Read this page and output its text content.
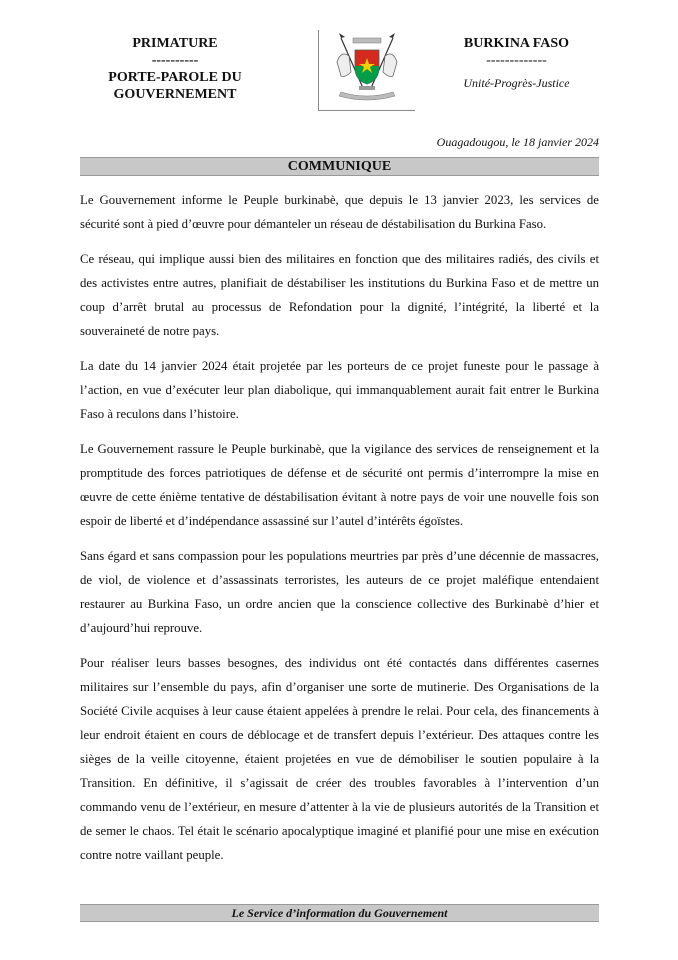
PRIMATURE
----------
PORTE-PAROLE DU
GOUVERNEMENT
BURKINA FASO
-------------
Unité-Progrès-Justice
Ouagadougou, le 18 janvier 2024
COMMUNIQUE

Le Gouvernement informe le Peuple burkinabè, que depuis le 13 janvier 2023, les services de sécurité sont à pied d’œuvre pour démanteler un réseau de déstabilisation du Burkina Faso.

Ce réseau, qui implique aussi bien des militaires en fonction que des militaires radiés, des civils et des activistes entre autres, planifiait de déstabiliser les institutions du Burkina Faso et de mettre un coup d’arrêt brutal au processus de Refondation pour la dignité, l’intégrité, la liberté et la souveraineté de notre pays.

La date du 14 janvier 2024 était projetée par les porteurs de ce projet funeste pour le passage à l’action, en vue d’exécuter leur plan diabolique, qui immanquablement aurait fait entrer le Burkina Faso à reculons dans l’histoire.

Le Gouvernement rassure le Peuple burkinabè, que la vigilance des services de renseignement et la promptitude des forces patriotiques de défense et de sécurité ont permis d’interrompre la mise en œuvre de cette énième tentative de déstabilisation évitant à notre pays de voir une nouvelle fois son espoir de liberté et d’indépendance assassiné sur l’autel d’intérêts égoïstes.

Sans égard et sans compassion pour les populations meurtries par près d’une décennie de massacres, de viol, de violence et d’assassinats terroristes, les auteurs de ce projet maléfique entendaient restaurer au Burkina Faso, un ordre ancien que la conscience collective des Burkinabè d’hier et d’aujourd’hui reprouve.

Pour réaliser leurs basses besognes, des individus ont été contactés dans différentes casernes militaires sur l’ensemble du pays, afin d’organiser une sorte de mutinerie. Des Organisations de la Société Civile acquises à leur cause étaient appelées à prendre le relai. Pour cela, des financements à leur endroit étaient en cours de déblocage et de transfert depuis l’extérieur. Des attaques contre les sièges de la veille citoyenne, étaient projetées en vue de démobiliser le soutien populaire à la Transition. En définitive, il s’agissait de créer des troubles favorables à l’intervention d’un commando venu de l’extérieur, en mesure d’attenter à la vie de plusieurs autorités de la Transition et de semer le chaos. Tel était le scénario apocalyptique imaginé et planifié pour une mise en exécution contre notre vaillant peuple.

Le Service d’information du Gouvernement
